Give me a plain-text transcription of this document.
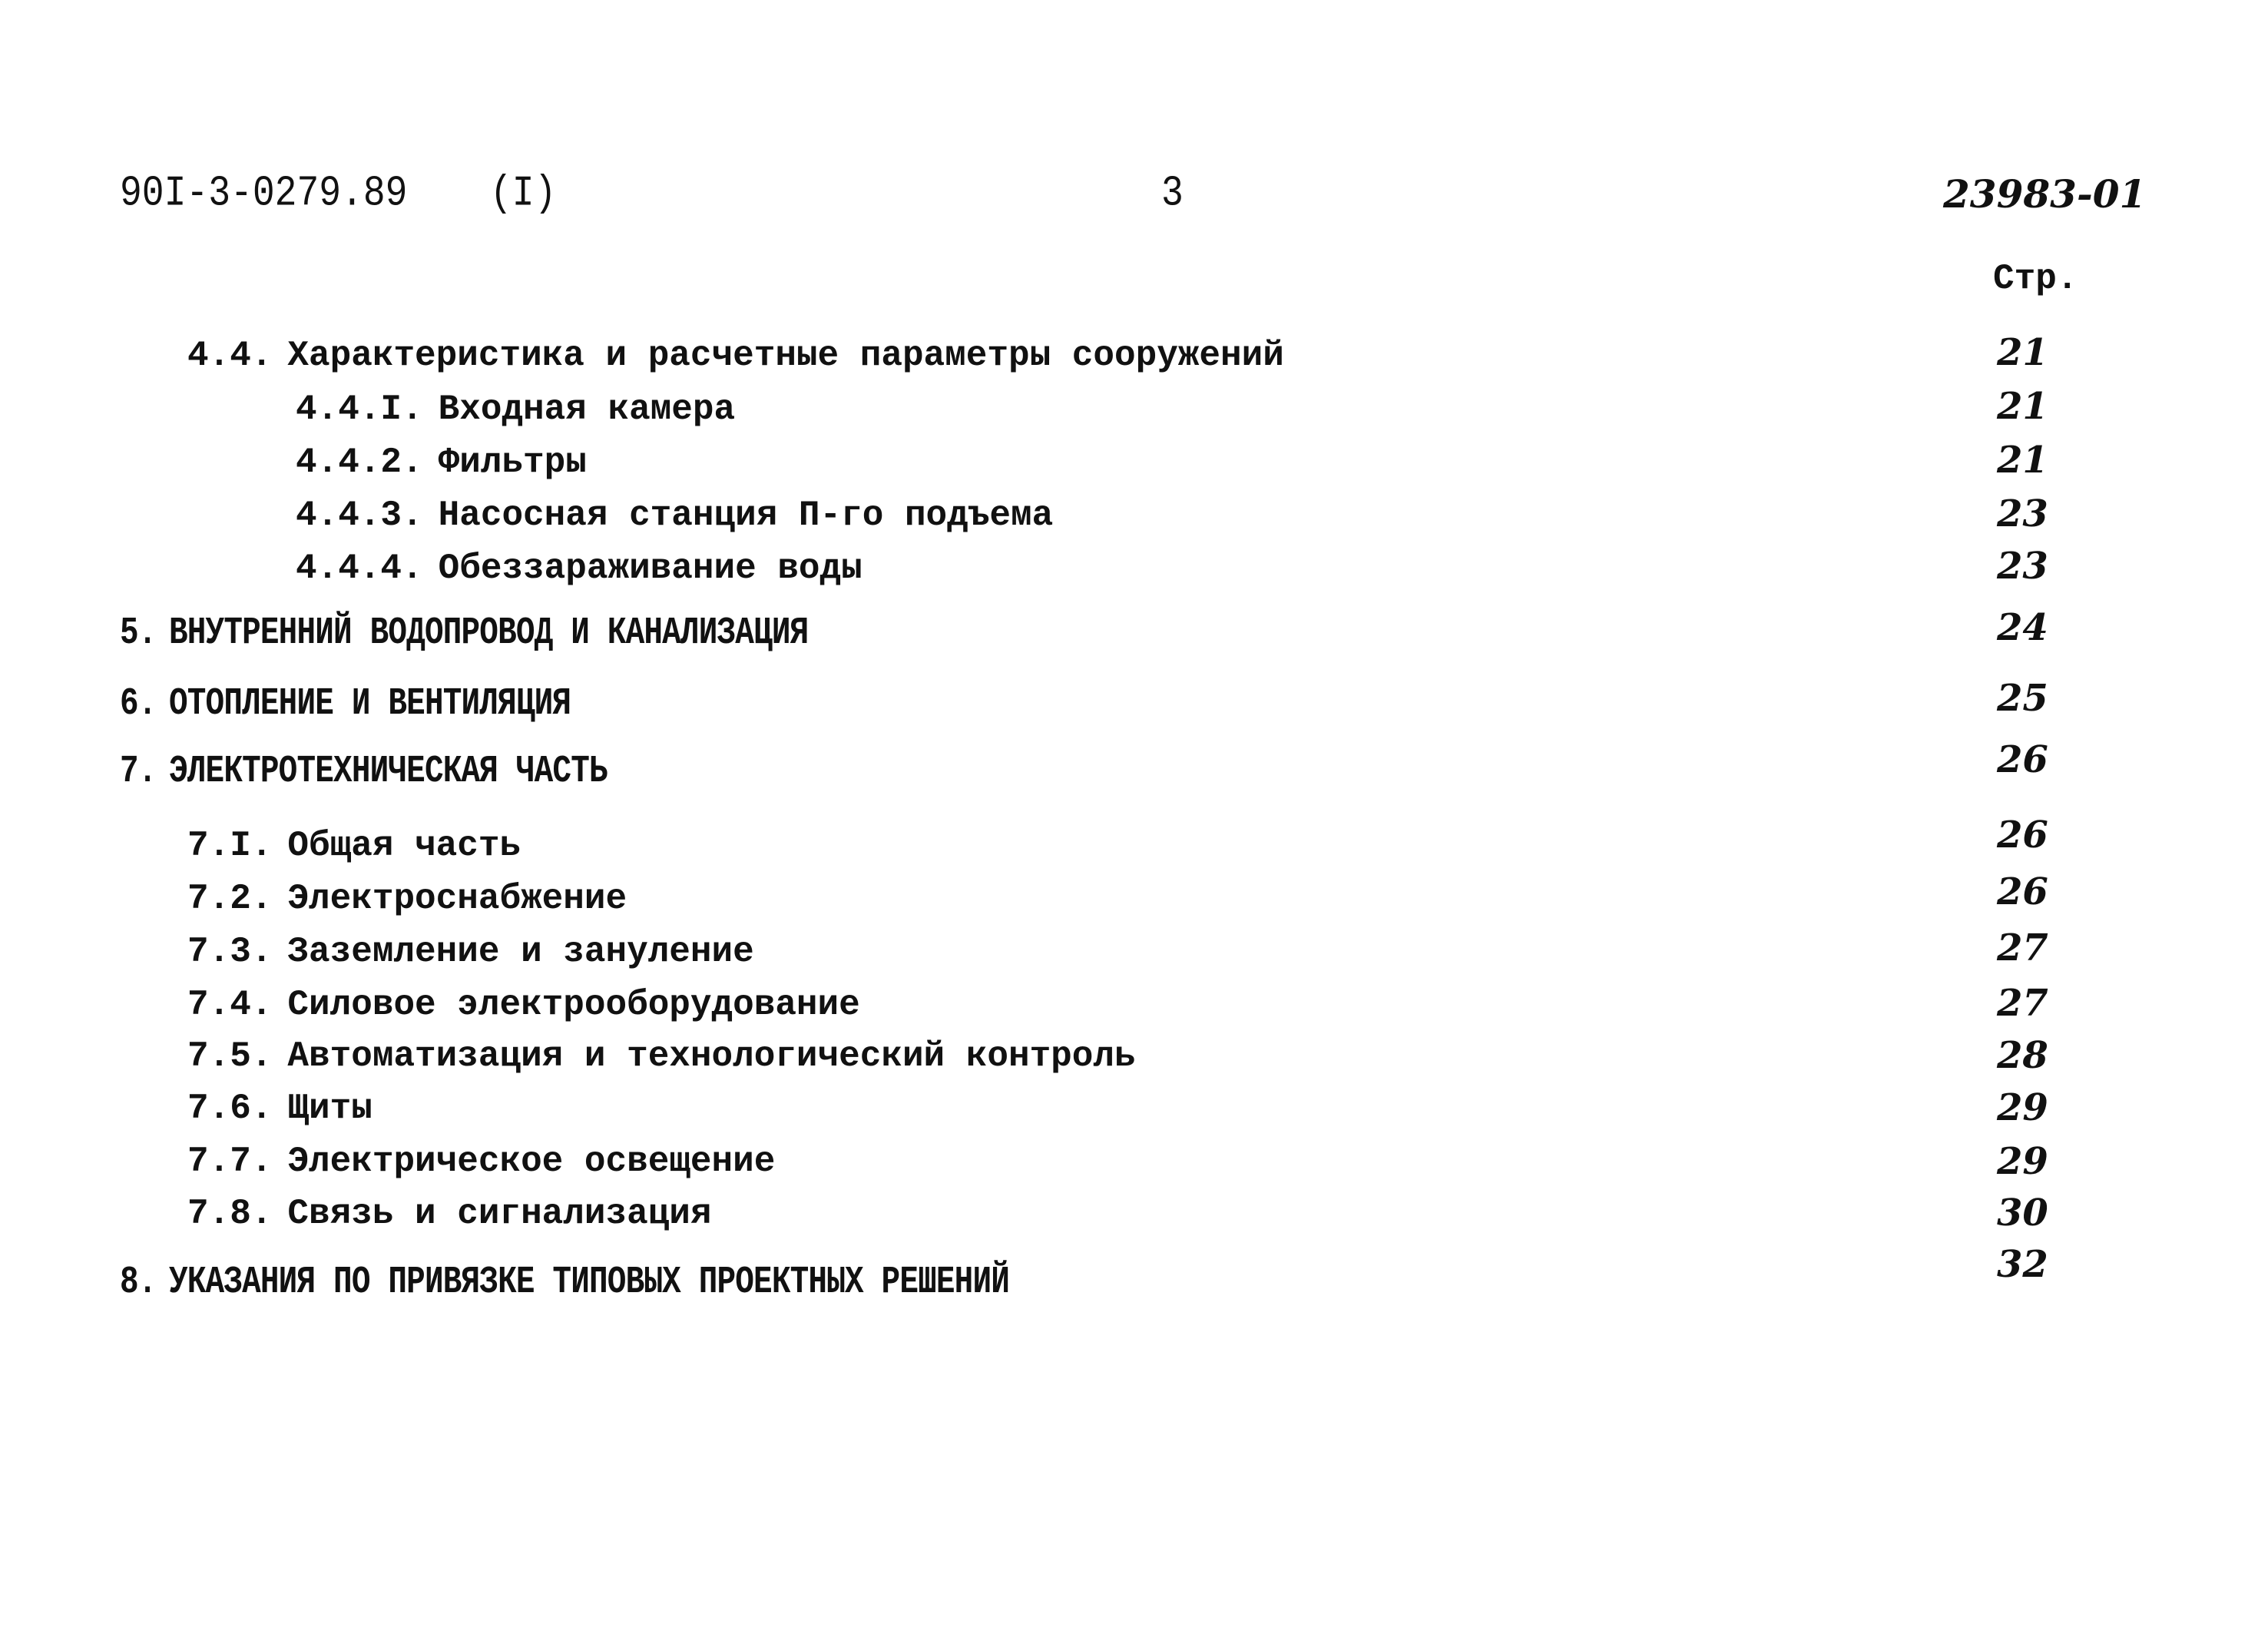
90I-3-0279.89 (I)	3	23983-01
Стр.
4.4. Характеристика и расчетные параметры сооружений	21
4.4.I. Входная камера	21
4.4.2. Фильтры	21
4.4.3. Насосная станция П-го подъема	23
4.4.4. Обеззараживание воды	23
5. ВНУТРЕННИЙ ВОДОПРОВОД И КАНАЛИЗАЦИЯ	24
6. ОТОПЛЕНИЕ И ВЕНТИЛЯЦИЯ	25
7. ЭЛЕКТРОТЕХНИЧЕСКАЯ ЧАСТЬ	26
7.I. Общая часть	26
7.2. Электроснабжение	26
7.3. Заземление и зануление	27
7.4. Силовое электрооборудование	27
7.5. Автоматизация и технологический контроль	28
7.6. Щиты	29
7.7. Электрическое освещение	29
7.8. Связь и сигнализация	30
8. УКАЗАНИЯ ПО ПРИВЯЗКЕ ТИПОВЫХ ПРОЕКТНЫХ РЕШЕНИЙ	32
